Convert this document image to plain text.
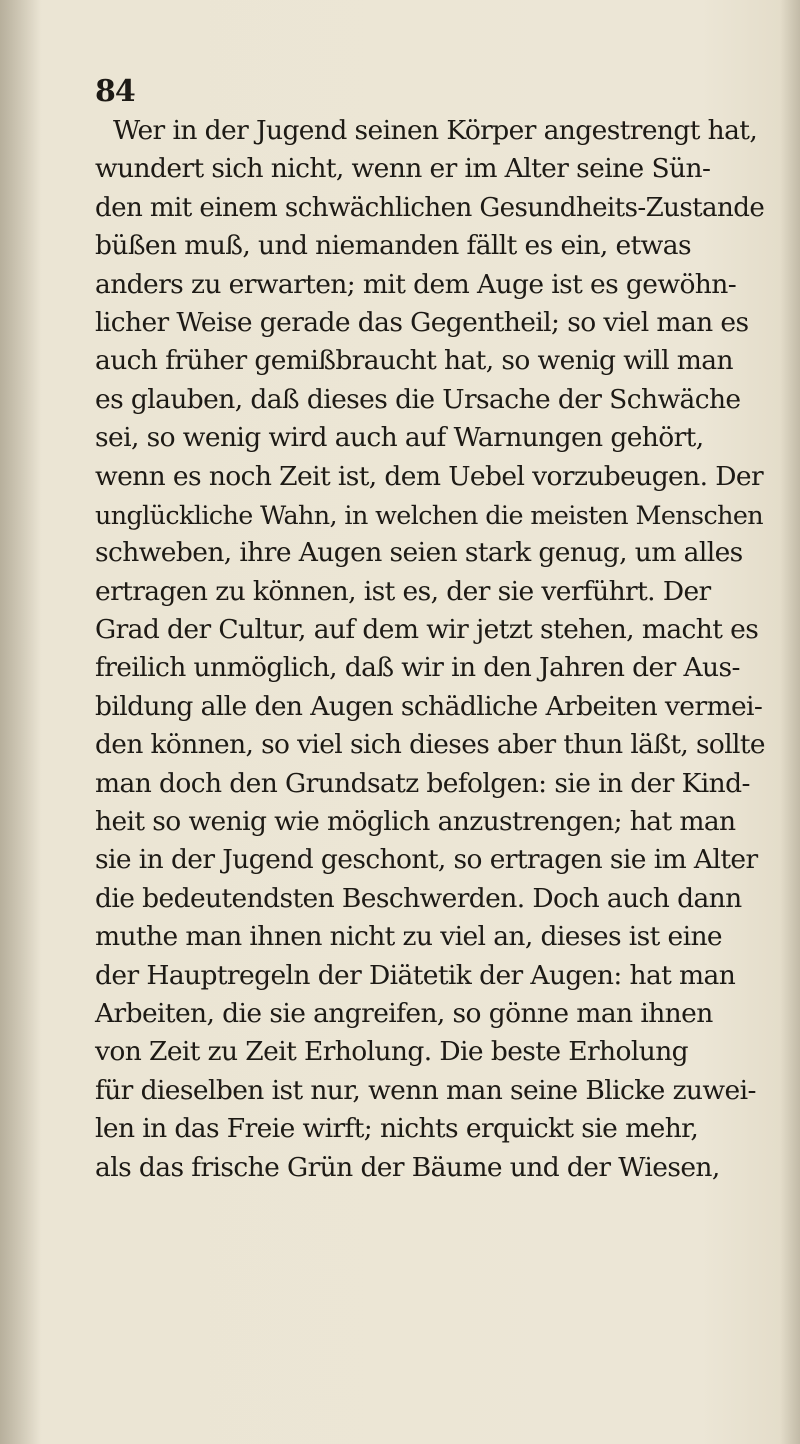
84
Wer in der Jugend seinen Körper angestrengt hat,
wundert sich nicht, wenn er im Alter seine Sün-
den mit einem schwächlichen Gesundheits-Zustande
büßen muß, und niemanden fällt es ein, etwas
anders zu erwarten; mit dem Auge ist es gewöhn-
licher Weise gerade das Gegentheil; so viel man es
auch früher gemißbraucht hat, so wenig will man
es glauben, daß dieses die Ursache der Schwäche
sei, so wenig wird auch auf Warnungen gehört,
wenn es noch Zeit ist, dem Uebel vorzubeugen. Der
unglückliche Wahn, in welchen die meisten Menschen
schweben, ihre Augen seien stark genug, um alles
ertragen zu können, ist es, der sie verführt. Der
Grad der Cultur, auf dem wir jetzt stehen, macht es
freilich unmöglich, daß wir in den Jahren der Aus-
bildung alle den Augen schädliche Arbeiten vermei-
den können, so viel sich dieses aber thun läßt, sollte
man doch den Grundsatz befolgen: sie in der Kind-
heit so wenig wie möglich anzustrengen; hat man
sie in der Jugend geschont, so ertragen sie im Alter
die bedeutendsten Beschwerden. Doch auch dann
muthe man ihnen nicht zu viel an, dieses ist eine
der Hauptregeln der Diätetik der Augen: hat man
Arbeiten, die sie angreifen, so gönne man ihnen
von Zeit zu Zeit Erholung. Die beste Erholung
für dieselben ist nur, wenn man seine Blicke zuwei-
len in das Freie wirft; nichts erquickt sie mehr,
als das frische Grün der Bäume und der Wiesen,
